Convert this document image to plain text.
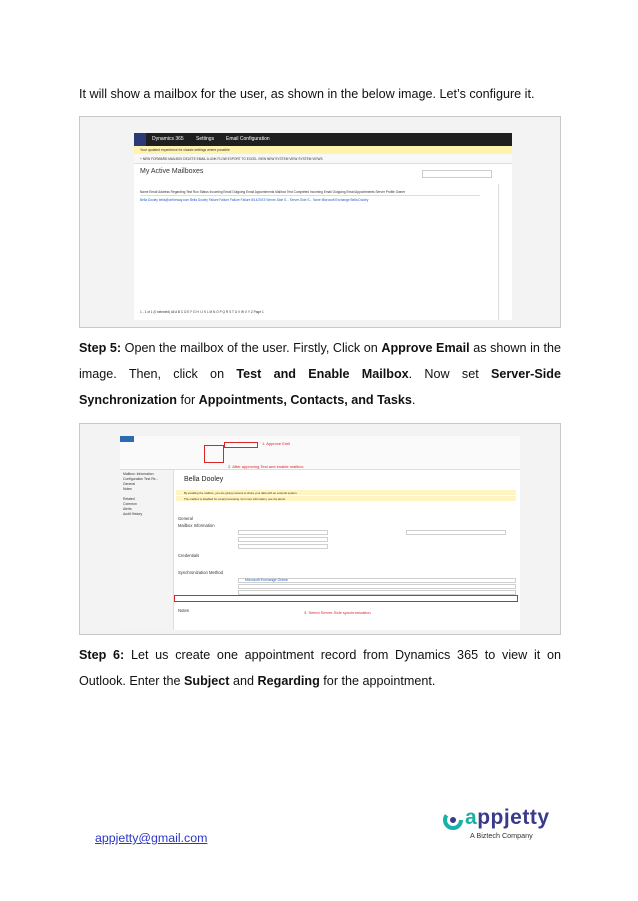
It will show a mailbox for the user, as shown in the below image. Let’s configure it.

Dynamics 365 Settings Email Configuration
Your updated experience for classic settings where possible
+ NEW FORWARD MAILBOX DELETE EMAIL A LINK FLOW EXPORT TO EXCEL VIEW NEW SYSTEM VIEW SYSTEM VIEWS
My Active Mailboxes
Name Email Address Regarding Test Run Status Incoming Email Outgoing Email Appointments Mailbox Test Completed Incoming Email Outgoing Email Appointments Server Profile Owner
Bella Dooley bella@ontheway.com Bella Dooley Failure Failure Failure Failure 8/14/2019 Server-Side S... Server-Side S... None Microsoft Exchange Bella Dooley
1 - 1 of 1 (0 selected) All A B C D E F G H I J K L M N O P Q R S T U V W X Y Z Page 1

Step 5: Open the mailbox of the user. Firstly, Click on Approve Email as shown in the image. Then, click on Test and Enable Mailbox. Now set Server-Side Synchronization for Appointments, Contacts, and Tasks.

1. Approve Emil
2. After approving Test and enable mailbox
Mailbox: Information
Configuration Test Re...
General
Notes

Related
Common
Alerts
Audit History
Bella Dooley
By enabling the mailbox, you are giving consent to share your data with an external system.
The mailbox is disabled for email processing. For more information, see the alerts.
General
Mailbox Information
Credentials
Synchronization Method
Microsoft Exchange Online
3. Select Server-Side synchronization
Notes

Step 6: Let us create one appointment record from Dynamics 365 to view it on Outlook. Enter the Subject and Regarding for the appointment.

appjetty@gmail.com
appjetty
A Biztech Company
